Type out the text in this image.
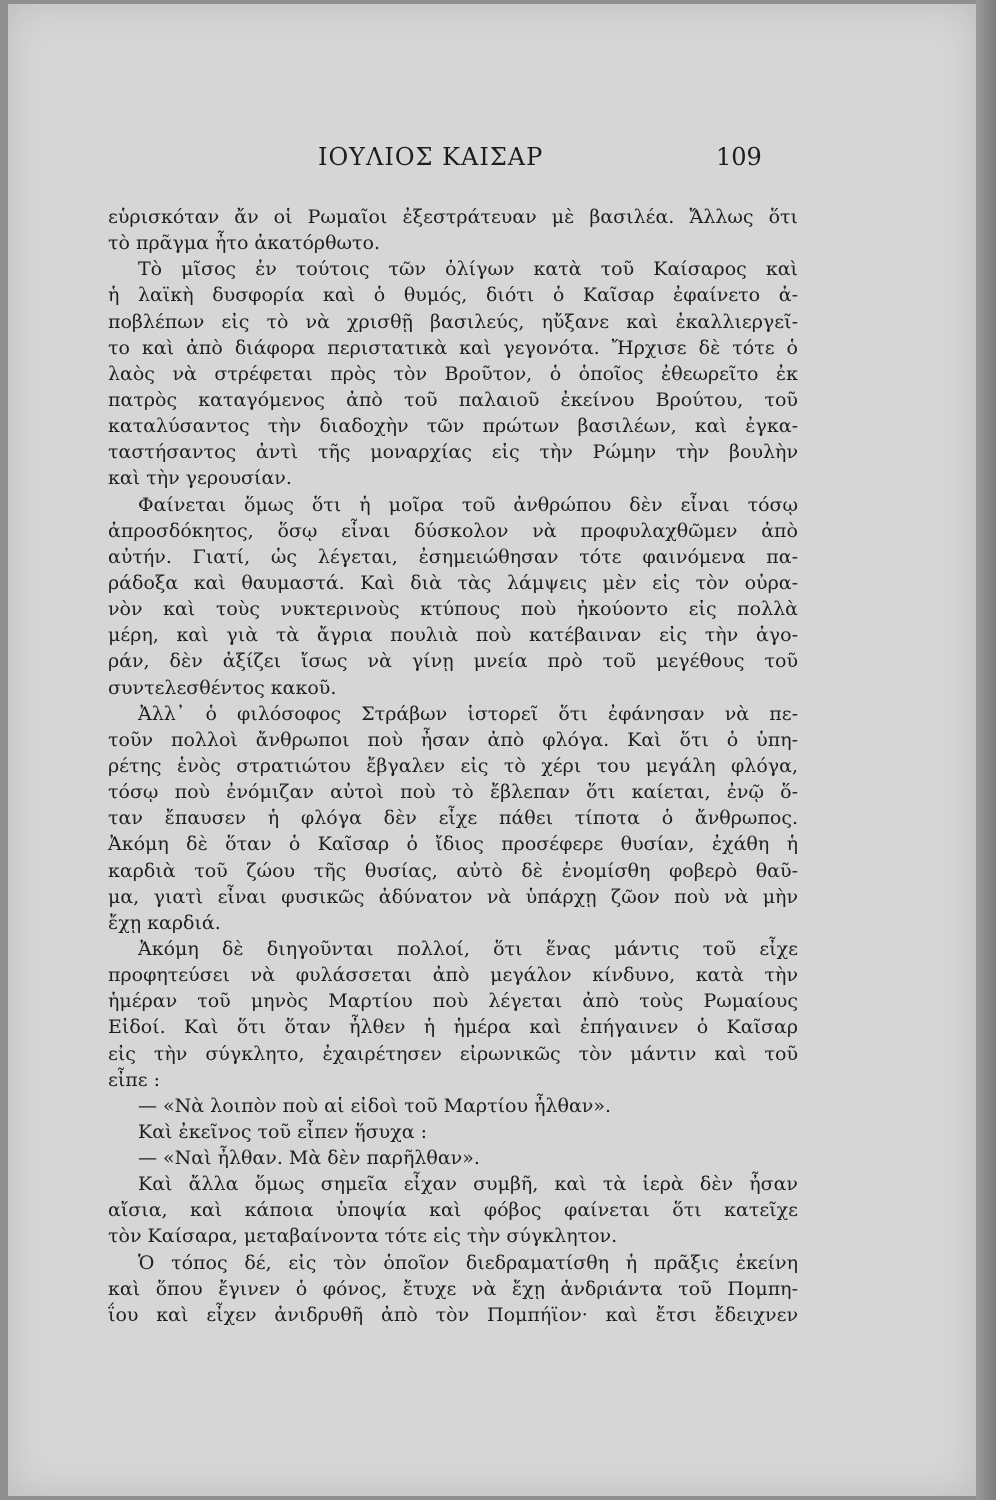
ΙΟΥΛΙΟΣ ΚΑΙΣΑΡ	109
εὑρισκόταν ἄν οἱ Ρωμαῖοι ἐξεστράτευαν μὲ βασιλέα. Ἄλλως ὅτι
τὸ πρᾶγμα ἦτο ἀκατόρθωτο.
Τὸ μῖσος ἐν τούτοις τῶν ὀλίγων κατὰ τοῦ Καίσαρος καὶ
ἡ λαϊκὴ δυσφορία καὶ ὁ θυμός, διότι ὁ Καῖσαρ ἐφαίνετο ἀ-
ποβλέπων εἰς τὸ νὰ χρισθῇ βασιλεύς, ηὔξανε καὶ ἐκαλλιεργεῖ-
το καὶ ἀπὸ διάφορα περιστατικὰ καὶ γεγονότα. Ἤρχισε δὲ τότε ὁ
λαὸς νὰ στρέφεται πρὸς τὸν Βροῦτον, ὁ ὁποῖος ἐθεωρεῖτο ἐκ
πατρὸς καταγόμενος ἀπὸ τοῦ παλαιοῦ ἐκείνου Βρούτου, τοῦ
καταλύσαντος τὴν διαδοχὴν τῶν πρώτων βασιλέων, καὶ ἐγκα-
ταστήσαντος ἀντὶ τῆς μοναρχίας εἰς τὴν Ρώμην τὴν βουλὴν
καὶ τὴν γερουσίαν.
Φαίνεται ὅμως ὅτι ἡ μοῖρα τοῦ ἀνθρώπου δὲν εἶναι τόσῳ
ἀπροσδόκητος, ὅσῳ εἶναι δύσκολον νὰ προφυλαχθῶμεν ἀπὸ
αὐτήν. Γιατί, ὡς λέγεται, ἐσημειώθησαν τότε φαινόμενα πα-
ράδοξα καὶ θαυμαστά. Καὶ διὰ τὰς λάμψεις μὲν εἰς τὸν οὐρα-
νὸν καὶ τοὺς νυκτερινοὺς κτύπους ποὺ ἠκούοντο εἰς πολλὰ
μέρη, καὶ γιὰ τὰ ἄγρια πουλιὰ ποὺ κατέβαιναν εἰς τὴν ἀγο-
ράν, δὲν ἀξίζει ἴσως νὰ γίνῃ μνεία πρὸ τοῦ μεγέθους τοῦ
συντελεσθέντος κακοῦ.
Ἀλλ᾽ ὁ φιλόσοφος Στράβων ἱστορεῖ ὅτι ἐφάνησαν νὰ πε-
τοῦν πολλοὶ ἄνθρωποι ποὺ ἦσαν ἀπὸ φλόγα. Καὶ ὅτι ὁ ὑπη-
ρέτης ἑνὸς στρατιώτου ἔβγαλεν εἰς τὸ χέρι του μεγάλη φλόγα,
τόσῳ ποὺ ἐνόμιζαν αὐτοὶ ποὺ τὸ ἔβλεπαν ὅτι καίεται, ἐνῷ ὅ-
ταν ἔπαυσεν ἡ φλόγα δὲν εἶχε πάθει τίποτα ὁ ἄνθρωπος.
Ἀκόμη δὲ ὅταν ὁ Καῖσαρ ὁ ἴδιος προσέφερε θυσίαν, ἐχάθη ἡ
καρδιὰ τοῦ ζώου τῆς θυσίας, αὐτὸ δὲ ἐνομίσθη φοβερὸ θαῦ-
μα, γιατὶ εἶναι φυσικῶς ἀδύνατον νὰ ὑπάρχῃ ζῶον ποὺ νὰ μὴν
ἔχῃ καρδιά.
Ἀκόμη δὲ διηγοῦνται πολλοί, ὅτι ἕνας μάντις τοῦ εἶχε
προφητεύσει νὰ φυλάσσεται ἀπὸ μεγάλον κίνδυνο, κατὰ τὴν
ἡμέραν τοῦ μηνὸς Μαρτίου ποὺ λέγεται ἀπὸ τοὺς Ρωμαίους
Εἰδοί. Καὶ ὅτι ὅταν ἦλθεν ἡ ἡμέρα καὶ ἐπήγαινεν ὁ Καῖσαρ
εἰς τὴν σύγκλητο, ἐχαιρέτησεν εἰρωνικῶς τὸν μάντιν καὶ τοῦ
εἶπε :
— «Νὰ λοιπὸν ποὺ αἱ εἰδοὶ τοῦ Μαρτίου ἦλθαν».
Καὶ ἐκεῖνος τοῦ εἶπεν ἥσυχα :
— «Ναὶ ἦλθαν. Μὰ δὲν παρῆλθαν».
Καὶ ἄλλα ὅμως σημεῖα εἶχαν συμβῆ, καὶ τὰ ἱερὰ δὲν ἦσαν
αἴσια, καὶ κάποια ὑποψία καὶ φόβος φαίνεται ὅτι κατεῖχε
τὸν Καίσαρα, μεταβαίνοντα τότε εἰς τὴν σύγκλητον.
Ὁ τόπος δέ, εἰς τὸν ὁποῖον διεδραματίσθη ἡ πρᾶξις ἐκείνη
καὶ ὅπου ἔγινεν ὁ φόνος, ἔτυχε νὰ ἔχῃ ἀνδριάντα τοῦ Πομπη-
ΐου καὶ εἶχεν ἀνιδρυθῆ ἀπὸ τὸν Πομπήϊον· καὶ ἔτσι ἔδειχνεν
